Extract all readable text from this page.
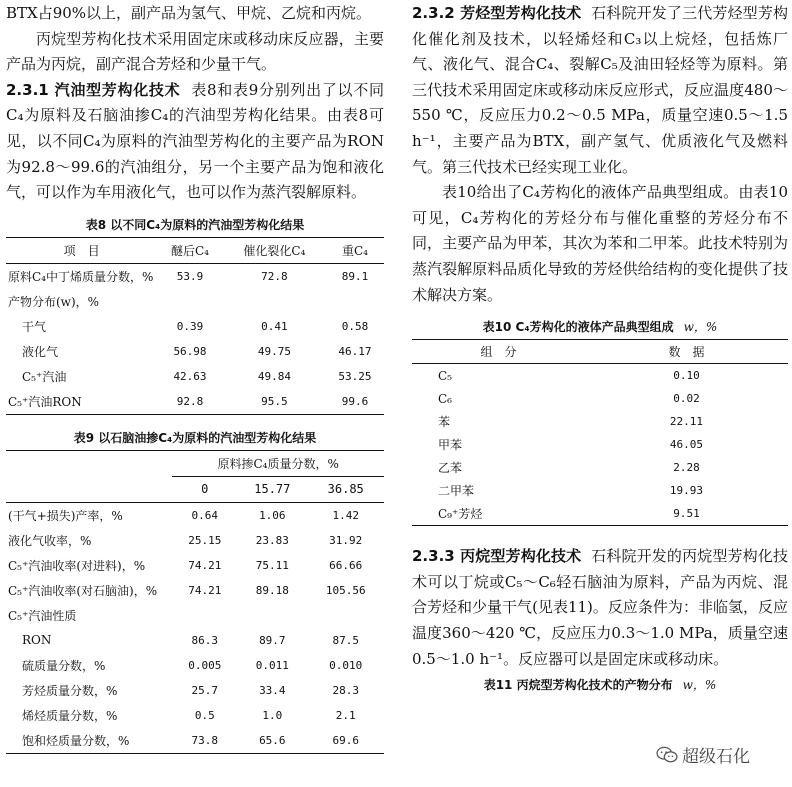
BTX占90%以上，副产品为氢气、甲烷、乙烷和丙烷。

丙烷型芳构化技术采用固定床或移动床反应器，主要产品为丙烷，副产混合芳烃和少量干气。

2.3.1 汽油型芳构化技术 表8和表9分别列出了以不同C₄为原料及石脑油掺C₄的汽油型芳构化结果。由表8可见，以不同C₄为原料的汽油型芳构化的主要产品为RON为92.8～99.6的汽油组分，另一个主要产品为饱和液化气，可以作为车用液化气，也可以作为蒸汽裂解原料。

表8 以不同C₄为原料的汽油型芳构化结果
项　目	醚后C₄	催化裂化C₄	重C₄
原料C₄中丁烯质量分数，%	53.9	72.8	89.1
产物分布(w)，%			
干气	0.39	0.41	0.58
液化气	56.98	49.75	46.17
C₅⁺汽油	42.63	49.84	53.25
C₅⁺汽油RON	92.8	95.5	99.6
表9 以石脑油掺C₄为原料的汽油型芳构化结果
	原料掺C₄质量分数，%		
	0	15.77	36.85
(干气+损失)产率，%	0.64	1.06	1.42
液化气收率，%	25.15	23.83	31.92
C₅⁺汽油收率(对进料)，%	74.21	75.11	66.66
C₅⁺汽油收率(对石脑油)，%	74.21	89.18	105.56
C₅⁺汽油性质			
RON	86.3	89.7	87.5
硫质量分数，%	0.005	0.011	0.010
芳烃质量分数，%	25.7	33.4	28.3
烯烃质量分数，%	0.5	1.0	2.1
饱和烃质量分数，%	73.8	65.6	69.6

2.3.2 芳烃型芳构化技术 石科院开发了三代芳烃型芳构化催化剂及技术，以轻烯烃和C₃以上烷烃，包括炼厂气、液化气、混合C₄、裂解C₅及油田轻烃等为原料。第三代技术采用固定床或移动床反应形式，反应温度480～550 ℃，反应压力0.2～0.5 MPa，质量空速0.5～1.5 h⁻¹，主要产品为BTX，副产氢气、优质液化气及燃料气。第三代技术已经实现工业化。

表10给出了C₄芳构化的液体产品典型组成。由表10可见，C₄芳构化的芳烃分布与催化重整的芳烃分布不同，主要产品为甲苯，其次为苯和二甲苯。此技术特别为蒸汽裂解原料品质化导致的芳烃供给结构的变化提供了技术解决方案。

表10 C₄芳构化的液体产品典型组成 w，%
组　分	数　据
C₅	0.10
C₆	0.02
苯	22.11
甲苯	46.05
乙苯	2.28
二甲苯	19.93
C₉⁺芳烃	9.51

2.3.3 丙烷型芳构化技术 石科院开发的丙烷型芳构化技术可以丁烷或C₅～C₆轻石脑油为原料，产品为丙烷、混合芳烃和少量干气(见表11)。反应条件为：非临氢，反应温度360～420 ℃，反应压力0.3～1.0 MPa，质量空速0.5～1.0 h⁻¹。反应器可以是固定床或移动床。

表11 丙烷型芳构化技术的产物分布 w，%
超级石化
